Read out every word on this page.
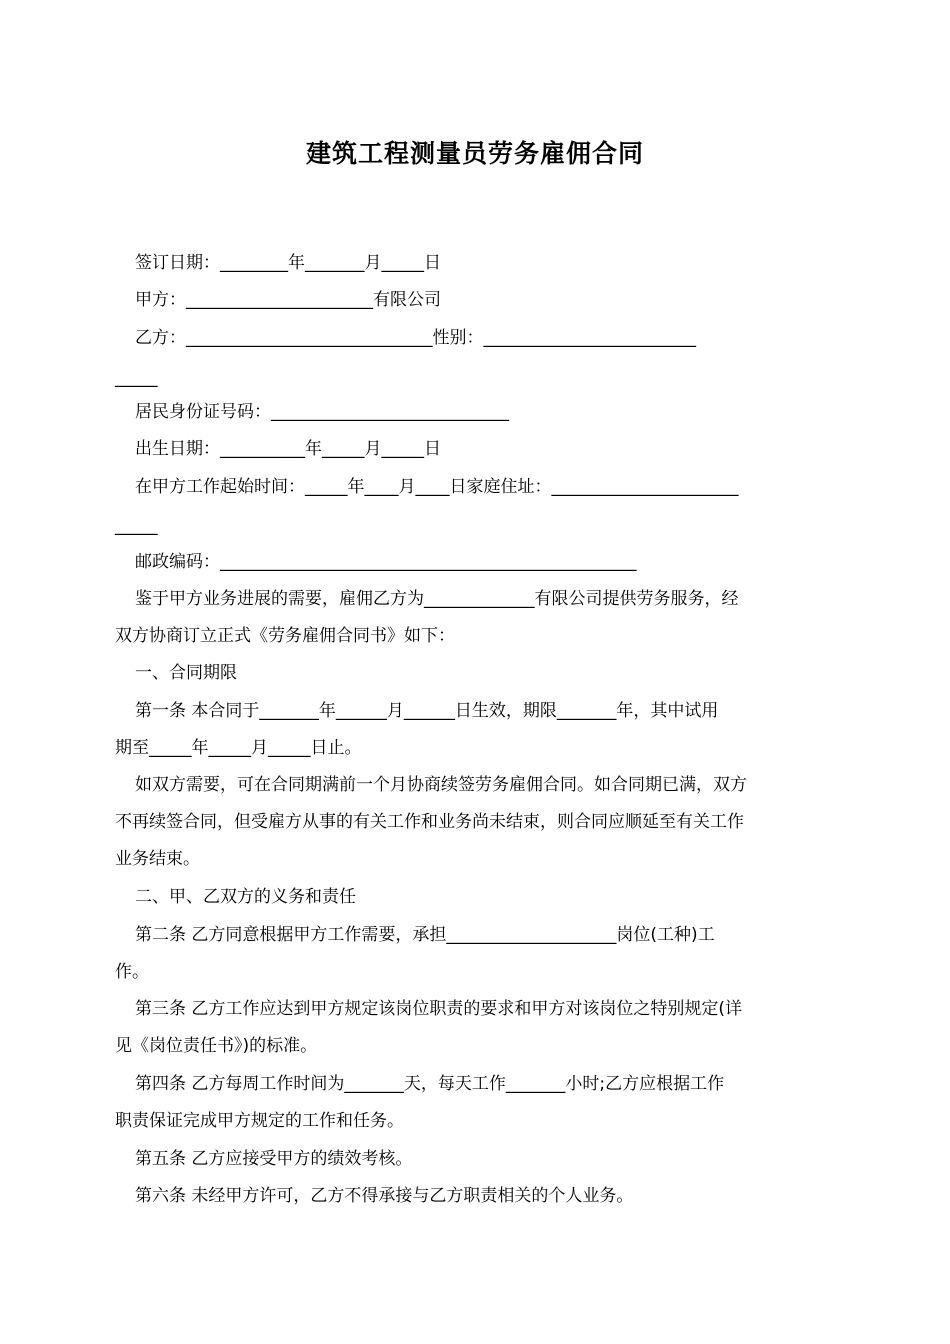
建筑工程测量员劳务雇佣合同
签订日期：________年_______月_____日
甲方：______________________有限公司
乙方：_____________________________性别：_________________________
_____
居民身份证号码：____________________________
出生日期：__________年_____月_____日
在甲方工作起始时间：_____年____月____日家庭住址：______________________
_____
邮政编码：_________________________________________________
鉴于甲方业务进展的需要，雇佣乙方为_____________有限公司提供劳务服务，经
双方协商订立正式《劳务雇佣合同书》如下：
一、合同期限
第一条 本合同于_______年______月______日生效，期限_______年，其中试用
期至_____年_____月_____日止。
如双方需要，可在合同期满前一个月协商续签劳务雇佣合同。如合同期已满，双方
不再续签合同，但受雇方从事的有关工作和业务尚未结束，则合同应顺延至有关工作
业务结束。
二、甲、乙双方的义务和责任
第二条 乙方同意根据甲方工作需要，承担____________________岗位(工种)工
作。
第三条 乙方工作应达到甲方规定该岗位职责的要求和甲方对该岗位之特别规定(详
见《岗位责任书》)的标准。
第四条 乙方每周工作时间为_______天，每天工作_______小时;乙方应根据工作
职责保证完成甲方规定的工作和任务。
第五条 乙方应接受甲方的绩效考核。
第六条 未经甲方许可，乙方不得承接与乙方职责相关的个人业务。
